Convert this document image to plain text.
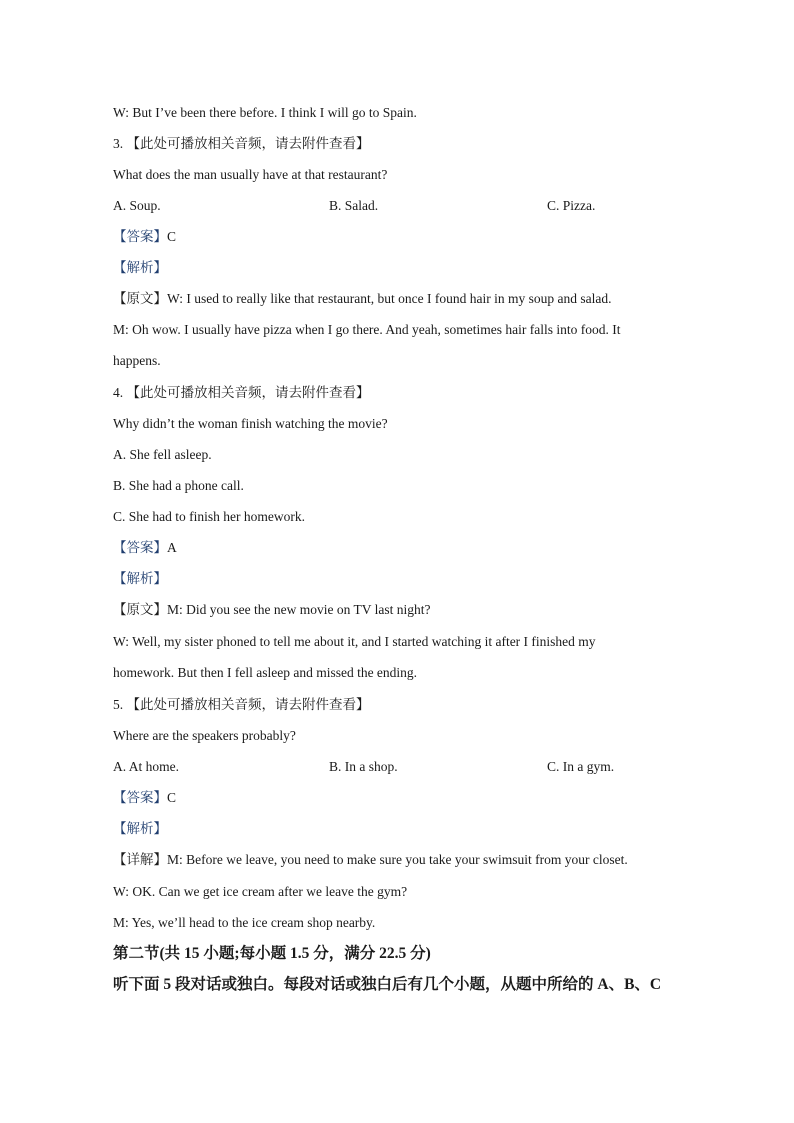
W: But I’ve been there before. I think I will go to Spain.
3. 【此处可播放相关音频，请去附件查看】
What does the man usually have at that restaurant?
A. Soup.	B. Salad.	C. Pizza.
【答案】C
【解析】
【原文】W: I used to really like that restaurant, but once I found hair in my soup and salad.
M: Oh wow. I usually have pizza when I go there. And yeah, sometimes hair falls into food. It
happens.
4. 【此处可播放相关音频，请去附件查看】
Why didn’t the woman finish watching the movie?
A. She fell asleep.
B. She had a phone call.
C. She had to finish her homework.
【答案】A
【解析】
【原文】M: Did you see the new movie on TV last night?
W: Well, my sister phoned to tell me about it, and I started watching it after I finished my
homework. But then I fell asleep and missed the ending.
5. 【此处可播放相关音频，请去附件查看】
Where are the speakers probably?
A. At home.	B. In a shop.	C. In a gym.
【答案】C
【解析】
【详解】M: Before we leave, you need to make sure you take your swimsuit from your closet.
W: OK. Can we get ice cream after we leave the gym?
M: Yes, we’ll head to the ice cream shop nearby.
第二节(共 15 小题;每小题 1.5 分，满分 22.5 分)
听下面 5 段对话或独白。每段对话或独白后有几个小题，从题中所给的 A、B、C
